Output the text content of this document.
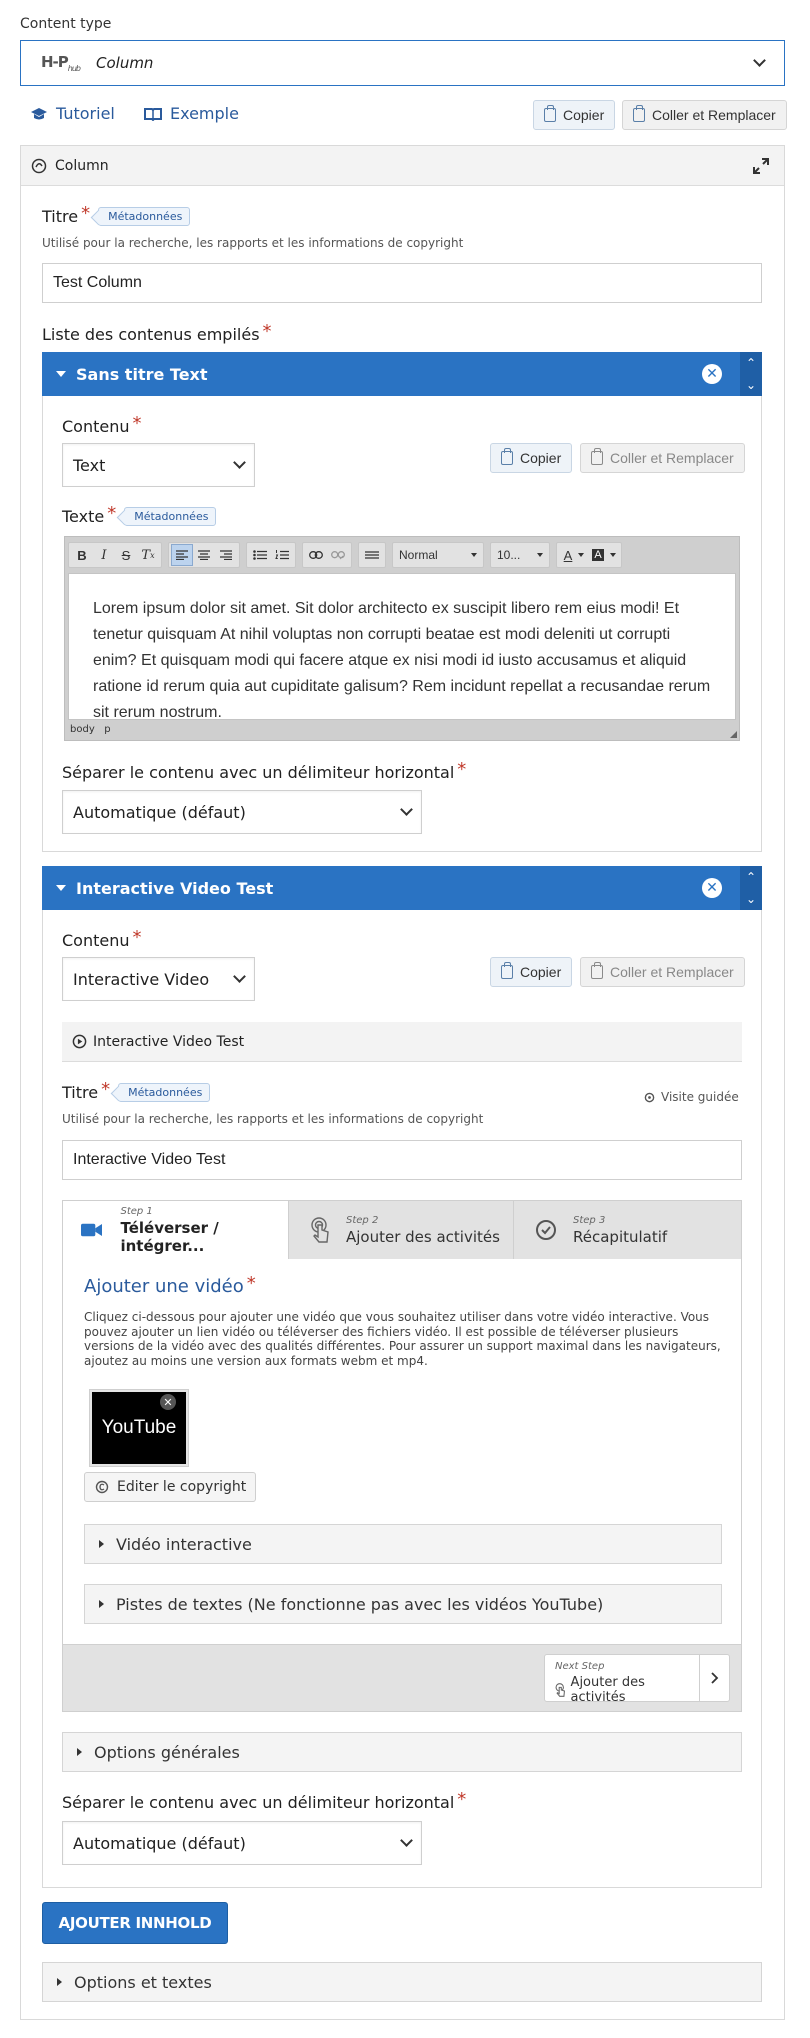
Content type
$H-P_{hub}$ Column
Tutoriel	Exemple	Copier	Coller et Remplacer
Column
Titre * Métadonnées
Utilisé pour la recherche, les rapports et les informations de copyright
Test Column
Liste des contenus empilés *
Sans titre Text	✕
⌃
⌄
Contenu *
Text	Copier	Coller et Remplacer
Texte * Métadonnées
B	I	S T x	Normal	10...	A	A
Lorem ipsum dolor sit amet. Sit dolor architecto ex suscipit libero rem eius modi! Et tenetur quisquam At nihil voluptas non corrupti beatae est modi deleniti ut corrupti enim? Et quisquam modi qui facere atque ex nisi modi id iusto accusamus et aliquid ratione id rerum quia aut cupiditate galisum? Rem incidunt repellat a recusandae rerum sit rerum nostrum.
body p
Séparer le contenu avec un délimiteur horizontal *
Automatique (défaut)
Interactive Video Test	✕
⌃
⌄
Contenu *
Interactive Video	Copier	Coller et Remplacer
Interactive Video Test
Titre * Métadonnées	Visite guidée
Utilisé pour la recherche, les rapports et les informations de copyright
Interactive Video Test
Step 1
Téléverser / intégrer...
Step 2
Ajouter des activités
Step 3
Récapitulatif
Ajouter une vidéo *
Cliquez ci-dessous pour ajouter une vidéo que vous souhaitez utiliser dans votre vidéo interactive. Vous pouvez ajouter un lien vidéo ou téléverser des fichiers vidéo. Il est possible de téléverser plusieurs versions de la vidéo avec des qualités différentes. Pour assurer un support maximal dans les navigateurs, ajoutez au moins une version aux formats webm et mp4.
YouTube
✕
Editer le copyright
Vidéo interactive
Pistes de textes (Ne fonctionne pas avec les vidéos YouTube)
Next Step
Ajouter des activités
Options générales
Séparer le contenu avec un délimiteur horizontal *
Automatique (défaut)
AJOUTER INNHOLD
Options et textes
